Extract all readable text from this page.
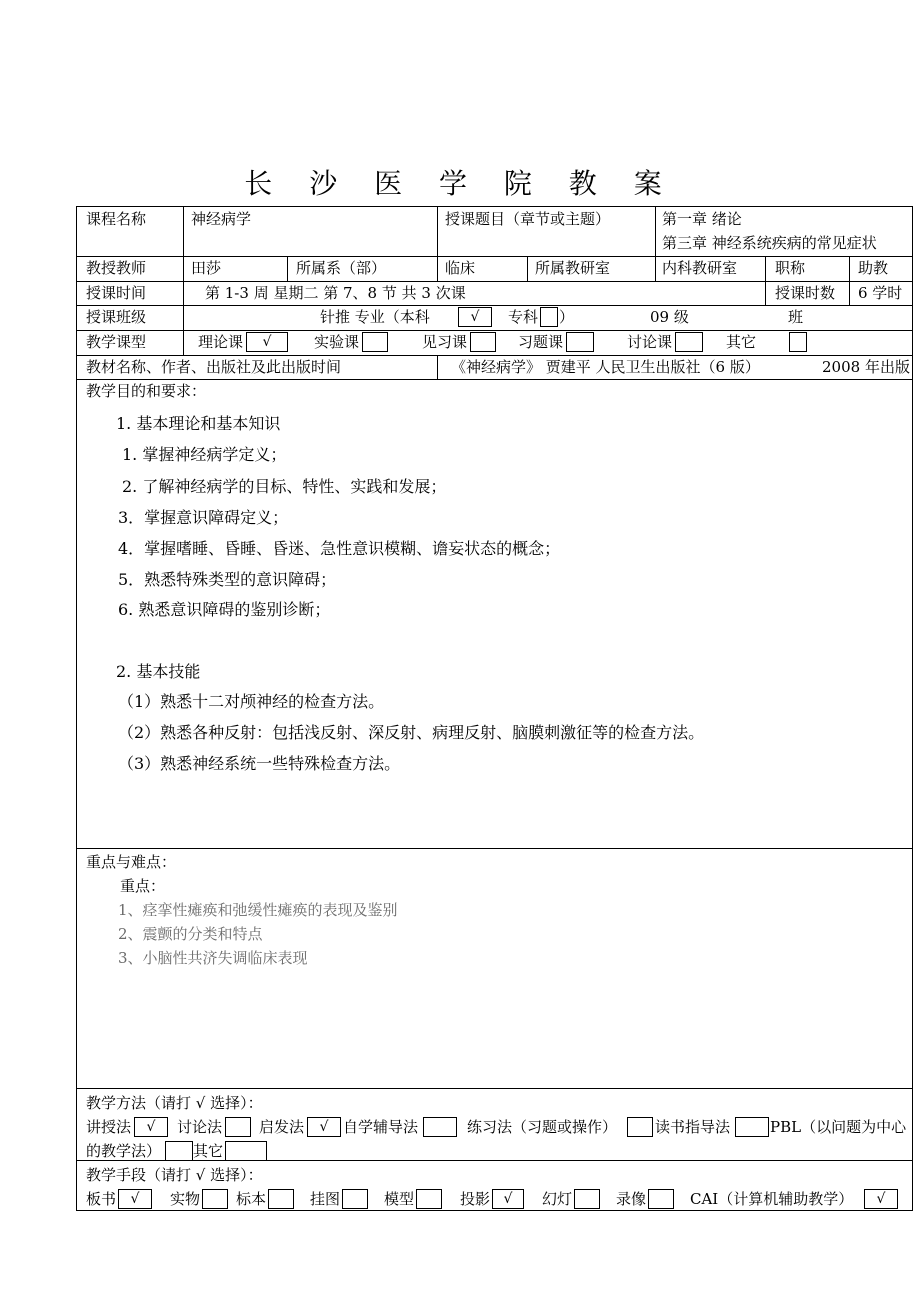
长 沙 医 学 院 教 案
课程名称	神经病学	授课题目（章节或主题）	第一章 绪论
第三章 神经系统疾病的常见症状
教授教师	田莎	所属系（部）	临床	所属教研室	内科教研室	职称	助教
授课时间	第 1-3 周 星期二 第 7、8 节 共 3 次课	授课时数 6 学时
授课班级	针推 专业（本科	√	专科 ）	09 级	班
教学课型	理论课	√	实验课	见习课	习题课	讨论课	其它
教材名称、作者、出版社及此出版时间	《神经病学》 贾建平 人民卫生出版社（6 版）	2008 年出版
教学目的和要求：
1. 基本理论和基本知识
1. 掌握神经病学定义；
2. 了解神经病学的目标、特性、实践和发展；
3．掌握意识障碍定义；
4．掌握嗜睡、昏睡、昏迷、急性意识模糊、谵妄状态的概念；
5．熟悉特殊类型的意识障碍；
6. 熟悉意识障碍的鉴别诊断；
2. 基本技能
（1）熟悉十二对颅神经的检查方法。
（2）熟悉各种反射：包括浅反射、深反射、病理反射、脑膜刺激征等的检查方法。
（3）熟悉神经系统一些特殊检查方法。
重点与难点：
重点：
1、痉挛性瘫痪和弛缓性瘫痪的表现及鉴别
2、震颤的分类和特点
3、小脑性共济失调临床表现
教学方法（请打 √ 选择）：
讲授法	√	讨论法 启发法	√ 自学辅导法	练习法（习题或操作）	读书指导法	PBL（以问题为中心
的教学法） 其它
教学手段（请打 √ 选择）：
板书	√	实物 标本	挂图	模型	投影 √	幻灯	录像	CAI（计算机辅助教学）	√
